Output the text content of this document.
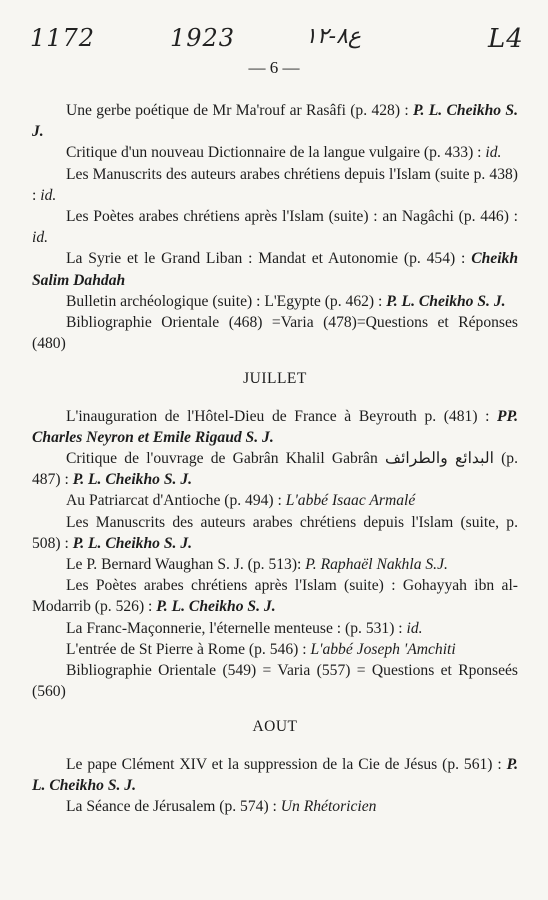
1172	1923	ع٨-١٢	L4
— 6 —

Une gerbe poétique de Mr Ma'rouf ar Rasâfi (p. 428) : P. L. Cheikho S. J.

Critique d'un nouveau Dictionnaire de la langue vulgaire (p. 433) : id.

Les Manuscrits des auteurs arabes chrétiens depuis l'Islam (suite p. 438) : id.

Les Poètes arabes chrétiens après l'Islam (suite) : an Nagâchi (p. 446) : id.

La Syrie et le Grand Liban : Mandat et Autonomie (p. 454) : Cheikh Salim Dahdah

Bulletin archéologique (suite) : L'Egypte (p. 462) : P. L. Cheikho S. J.

Bibliographie Orientale (468) =Varia (478)=Questions et Réponses (480)

JUILLET

L'inauguration de l'Hôtel-Dieu de France à Beyrouth p. (481) : PP. Charles Neyron et Emile Rigaud S. J.

Critique de l'ouvrage de Gabrân Khalil Gabrân البدائع والطرائف (p. 487) : P. L. Cheikho S. J.

Au Patriarcat d'Antioche (p. 494) : L'abbé Isaac Armalé

Les Manuscrits des auteurs arabes chrétiens depuis l'Islam (suite, p. 508) : P. L. Cheikho S. J.

Le P. Bernard Waughan S. J. (p. 513): P. Raphaël Nakhla S.J.

Les Poètes arabes chrétiens après l'Islam (suite) : Gohayyah ibn al-Modarrib (p. 526) : P. L. Cheikho S. J.

La Franc-Maçonnerie, l'éternelle menteuse : (p. 531) : id.

L'entrée de St Pierre à Rome (p. 546) : L'abbé Joseph 'Amchiti

Bibliographie Orientale (549) = Varia (557) = Questions et Rponseés (560)

AOUT

Le pape Clément XIV et la suppression de la Cie de Jésus (p. 561) : P. L. Cheikho S. J.

La Séance de Jérusalem (p. 574) : Un Rhétoricien
